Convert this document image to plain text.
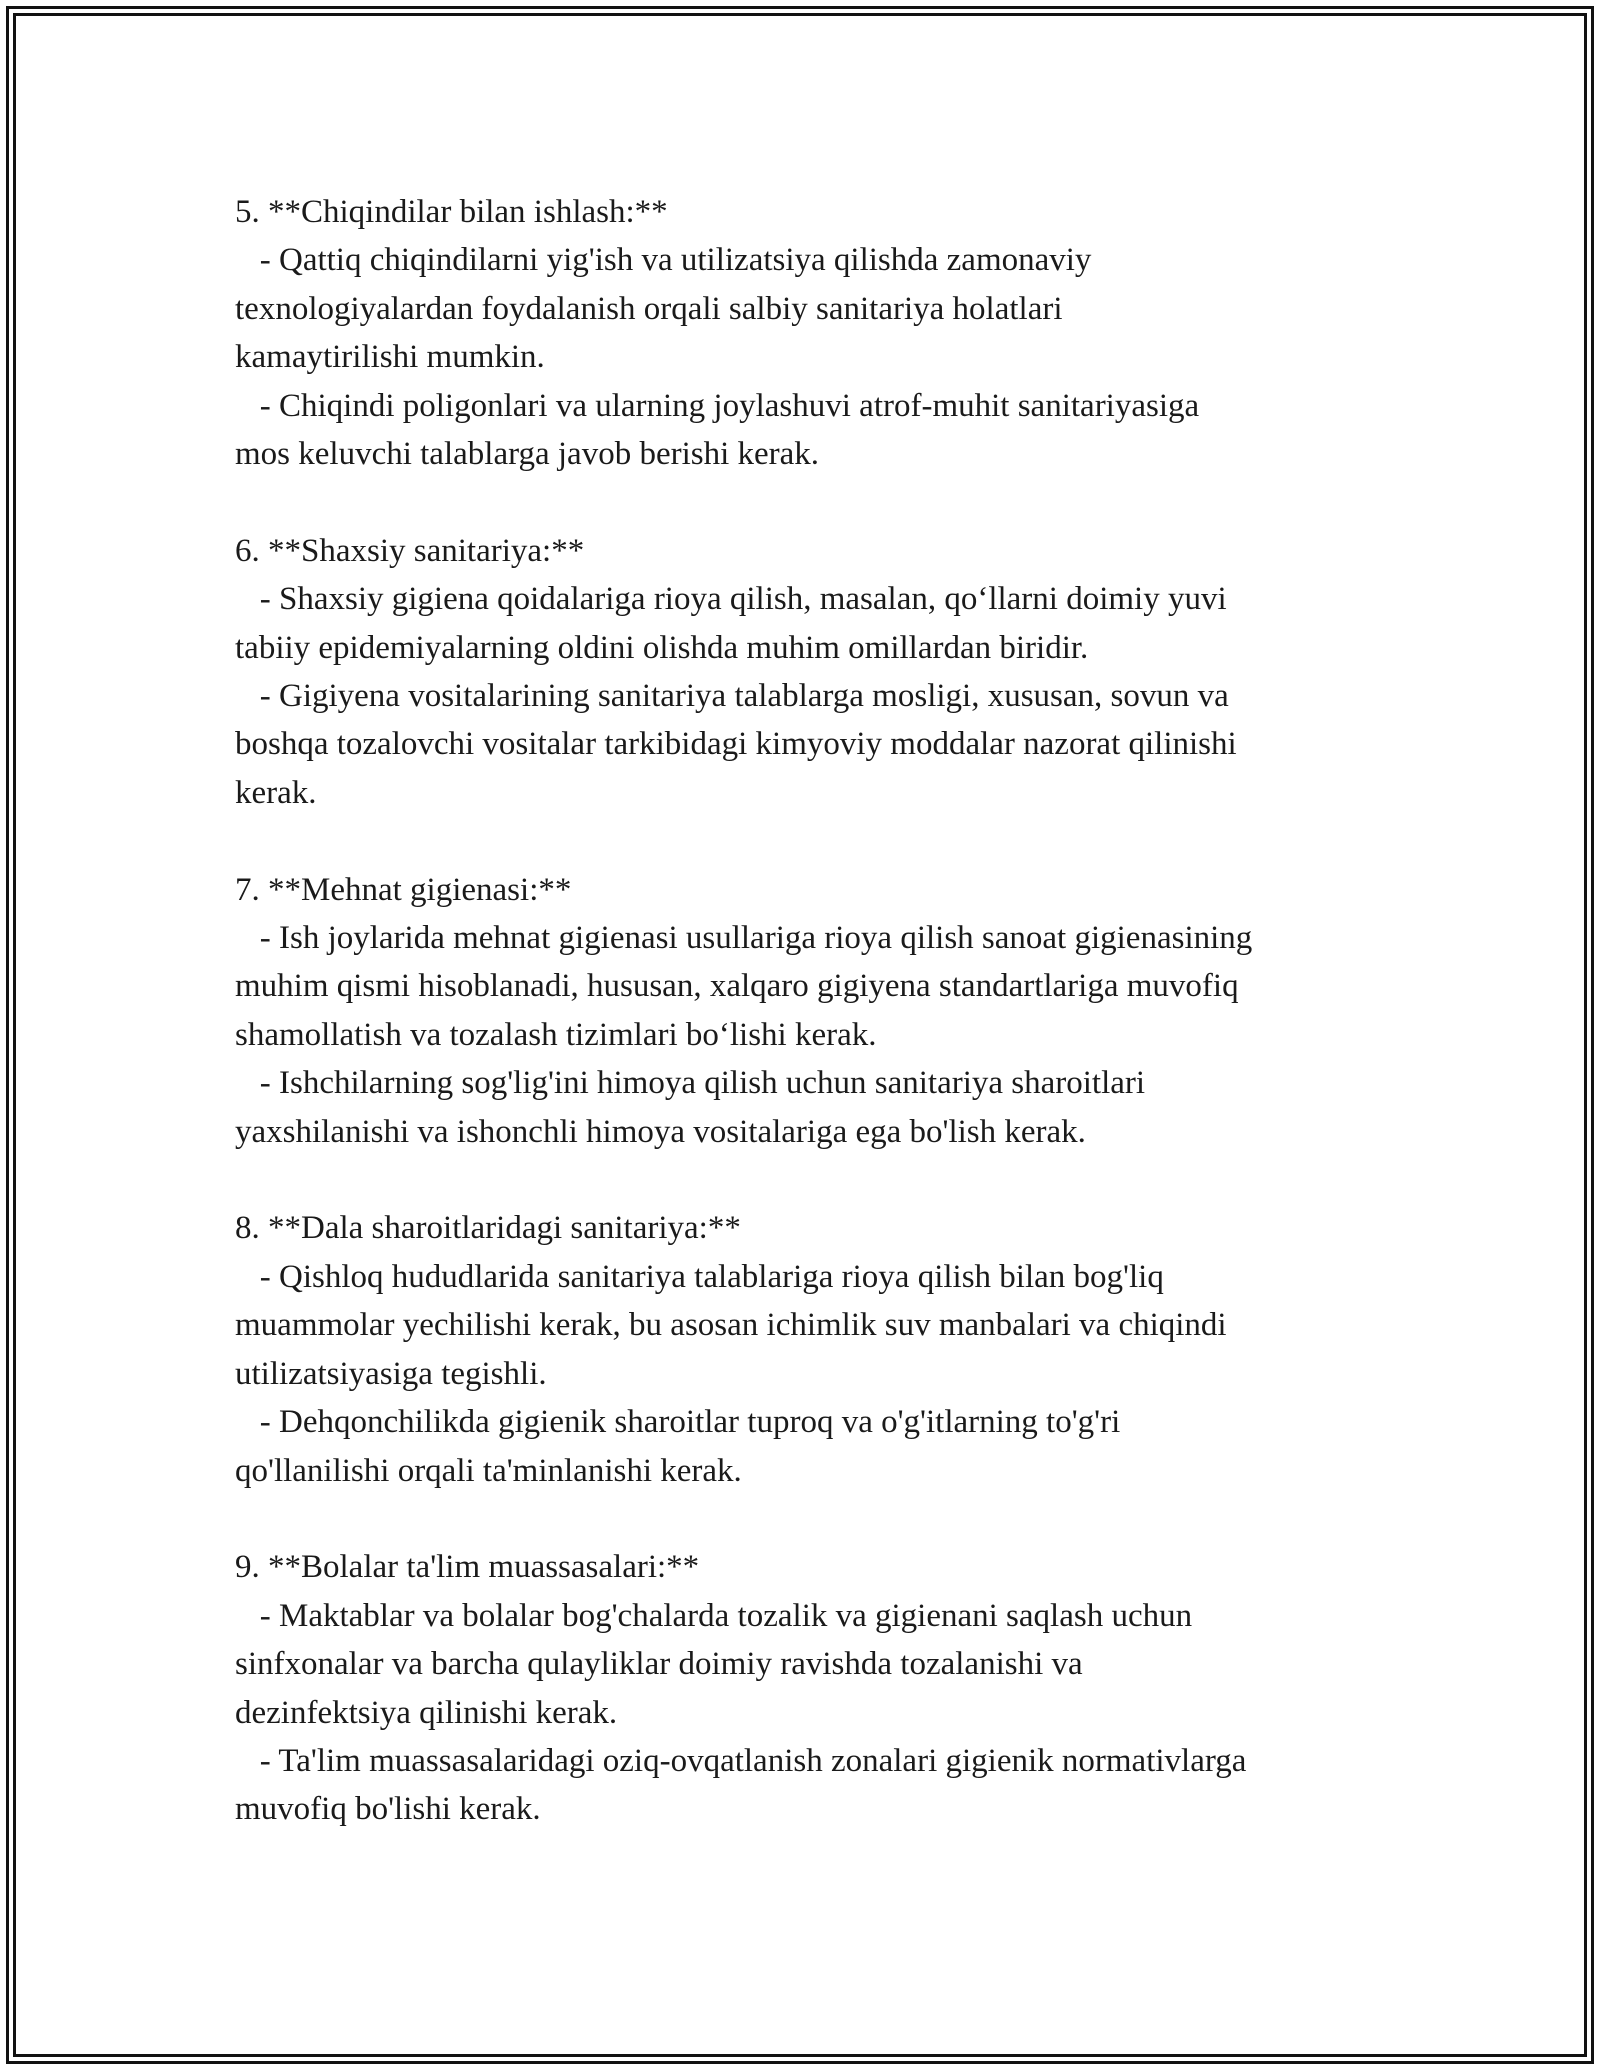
5. **Chiqindilar bilan ishlash:**
- Qattiq chiqindilarni yig'ish va utilizatsiya qilishda zamonaviy
texnologiyalardan foydalanish orqali salbiy sanitariya holatlari
kamaytirilishi mumkin.
- Chiqindi poligonlari va ularning joylashuvi atrof-muhit sanitariyasiga
mos keluvchi talablarga javob berishi kerak.
6. **Shaxsiy sanitariya:**
- Shaxsiy gigiena qoidalariga rioya qilish, masalan, qo‘llarni doimiy yuvi
tabiiy epidemiyalarning oldini olishda muhim omillardan biridir.
- Gigiyena vositalarining sanitariya talablarga mosligi, xususan, sovun va
boshqa tozalovchi vositalar tarkibidagi kimyoviy moddalar nazorat qilinishi
kerak.
7. **Mehnat gigienasi:**
- Ish joylarida mehnat gigienasi usullariga rioya qilish sanoat gigienasining
muhim qismi hisoblanadi, hususan, xalqaro gigiyena standartlariga muvofiq
shamollatish va tozalash tizimlari bo‘lishi kerak.
- Ishchilarning sog'lig'ini himoya qilish uchun sanitariya sharoitlari
yaxshilanishi va ishonchli himoya vositalariga ega bo'lish kerak.
8. **Dala sharoitlaridagi sanitariya:**
- Qishloq hududlarida sanitariya talablariga rioya qilish bilan bog'liq
muammolar yechilishi kerak, bu asosan ichimlik suv manbalari va chiqindi
utilizatsiyasiga tegishli.
- Dehqonchilikda gigienik sharoitlar tuproq va o'g'itlarning to'g'ri
qo'llanilishi orqali ta'minlanishi kerak.
9. **Bolalar ta'lim muassasalari:**
- Maktablar va bolalar bog'chalarda tozalik va gigienani saqlash uchun
sinfxonalar va barcha qulayliklar doimiy ravishda tozalanishi va
dezinfektsiya qilinishi kerak.
- Ta'lim muassasalaridagi oziq-ovqatlanish zonalari gigienik normativlarga
muvofiq bo'lishi kerak.
